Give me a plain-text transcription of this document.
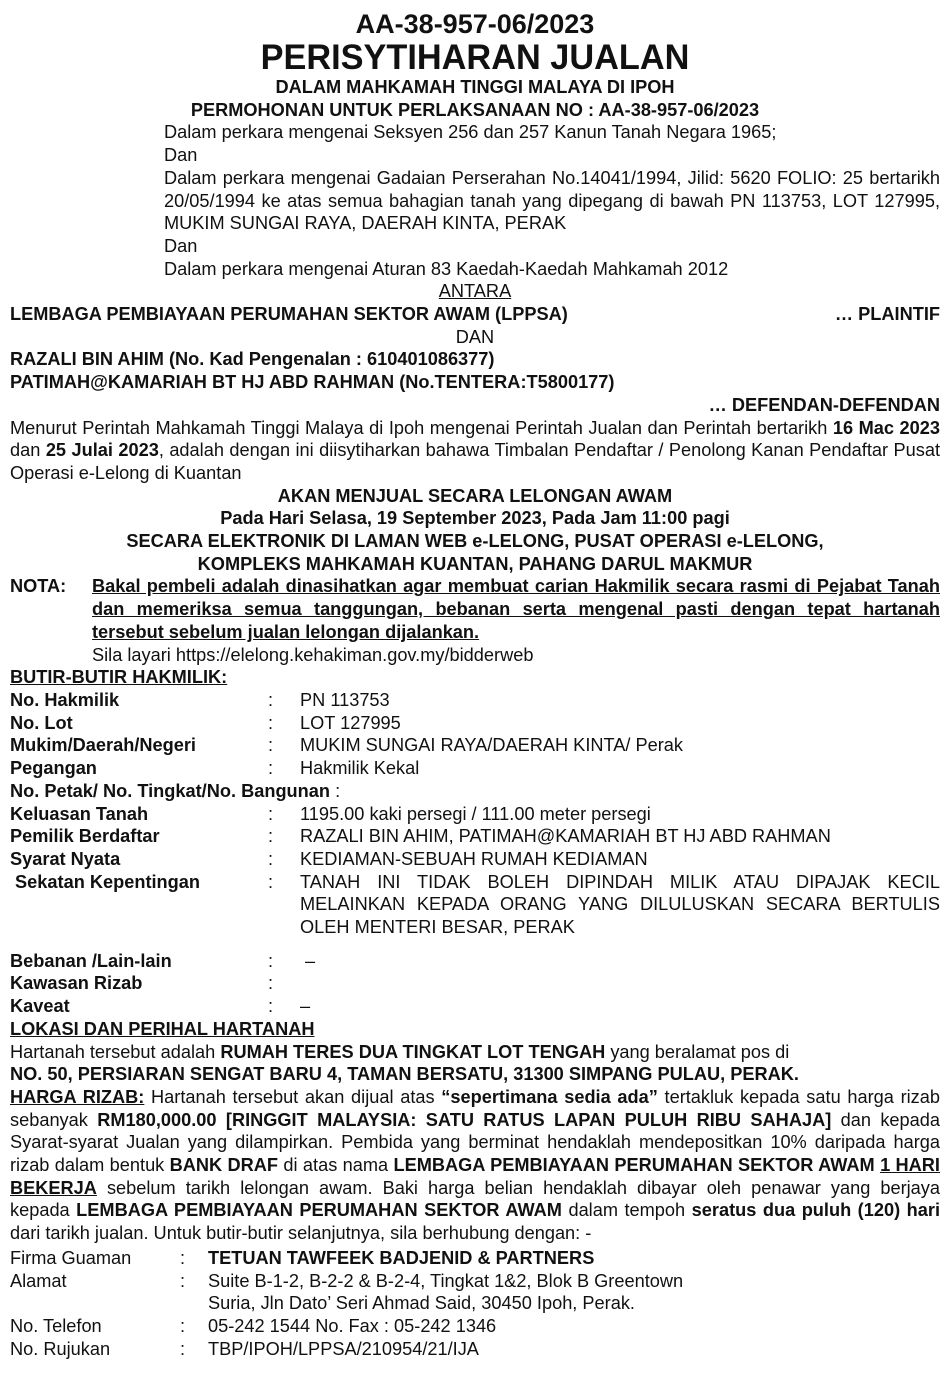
AA-38-957-06/2023
PERISYTIHARAN JUALAN
DALAM MAHKAMAH TINGGI MALAYA DI IPOH
PERMOHONAN UNTUK PERLAKSANAAN NO : AA-38-957-06/2023
Dalam perkara mengenai Seksyen 256 dan 257 Kanun Tanah Negara 1965;
Dan
Dalam perkara mengenai Gadaian Perserahan No.14041/1994, Jilid: 5620 FOLIO: 25 bertarikh 20/05/1994 ke atas semua bahagian tanah yang dipegang di bawah PN 113753, LOT 127995, MUKIM SUNGAI RAYA, DAERAH KINTA, PERAK
Dan
Dalam perkara mengenai Aturan 83 Kaedah-Kaedah Mahkamah 2012
ANTARA
LEMBAGA PEMBIAYAAN PERUMAHAN SEKTOR AWAM (LPPSA)	… PLAINTIF
DAN
RAZALI BIN AHIM (No. Kad Pengenalan : 610401086377)
PATIMAH@KAMARIAH BT HJ ABD RAHMAN (No.TENTERA:T5800177)
… DEFENDAN-DEFENDAN
Menurut Perintah Mahkamah Tinggi Malaya di Ipoh mengenai Perintah Jualan dan Perintah bertarikh 16 Mac 2023 dan 25 Julai 2023, adalah dengan ini diisytiharkan bahawa Timbalan Pendaftar / Penolong Kanan Pendaftar Pusat Operasi e-Lelong di Kuantan
AKAN MENJUAL SECARA LELONGAN AWAM
Pada Hari Selasa, 19 September 2023, Pada Jam 11:00 pagi
SECARA ELEKTRONIK DI LAMAN WEB e-LELONG, PUSAT OPERASI e-LELONG,
KOMPLEKS MAHKAMAH KUANTAN, PAHANG DARUL MAKMUR
NOTA:	Bakal pembeli adalah dinasihatkan agar membuat carian Hakmilik secara rasmi di Pejabat Tanah dan memeriksa semua tanggungan, bebanan serta mengenal pasti dengan tepat hartanah tersebut sebelum jualan lelongan dijalankan.
Sila layari https://elelong.kehakiman.gov.my/bidderweb
BUTIR-BUTIR HAKMILIK:
No. Hakmilik	:	PN 113753
No. Lot	:	LOT 127995
Mukim/Daerah/Negeri	:	MUKIM SUNGAI RAYA/DAERAH KINTA/ Perak
Pegangan	:	Hakmilik Kekal
No. Petak/ No. Tingkat/No. Bangunan :
Keluasan Tanah	:	1195.00 kaki persegi / 111.00 meter persegi
Pemilik Berdaftar	:	RAZALI BIN AHIM, PATIMAH@KAMARIAH BT HJ ABD RAHMAN
Syarat Nyata	:	KEDIAMAN-SEBUAH RUMAH KEDIAMAN
Sekatan Kepentingan	:	TANAH INI TIDAK BOLEH DIPINDAH MILIK ATAU DIPAJAK KECIL MELAINKAN KEPADA ORANG YANG DILULUSKAN SECARA BERTULIS OLEH MENTERI BESAR, PERAK
Bebanan /Lain-lain	:	–
Kawasan Rizab	:
Kaveat	:	–
LOKASI DAN PERIHAL HARTANAH
Hartanah tersebut adalah RUMAH TERES DUA TINGKAT LOT TENGAH yang beralamat pos di
NO. 50, PERSIARAN SENGAT BARU 4, TAMAN BERSATU, 31300 SIMPANG PULAU, PERAK.
HARGA RIZAB: Hartanah tersebut akan dijual atas “sepertimana sedia ada” tertakluk kepada satu harga rizab sebanyak RM180,000.00 [RINGGIT MALAYSIA: SATU RATUS LAPAN PULUH RIBU SAHAJA] dan kepada Syarat-syarat Jualan yang dilampirkan. Pembida yang berminat hendaklah mendepositkan 10% daripada harga rizab dalam bentuk BANK DRAF di atas nama LEMBAGA PEMBIAYAAN PERUMAHAN SEKTOR AWAM 1 HARI BEKERJA sebelum tarikh lelongan awam. Baki harga belian hendaklah dibayar oleh penawar yang berjaya kepada LEMBAGA PEMBIAYAAN PERUMAHAN SEKTOR AWAM dalam tempoh seratus dua puluh (120) hari dari tarikh jualan. Untuk butir-butir selanjutnya, sila berhubung dengan: -
Firma Guaman	:	TETUAN TAWFEEK BADJENID & PARTNERS
Alamat	:	Suite B-1-2, B-2-2 & B-2-4, Tingkat 1&2, Blok B Greentown
Suria, Jln Dato’ Seri Ahmad Said, 30450 Ipoh, Perak.
No. Telefon	:	05-242 1544 No. Fax : 05-242 1346
No. Rujukan	:	TBP/IPOH/LPPSA/210954/21/IJA
